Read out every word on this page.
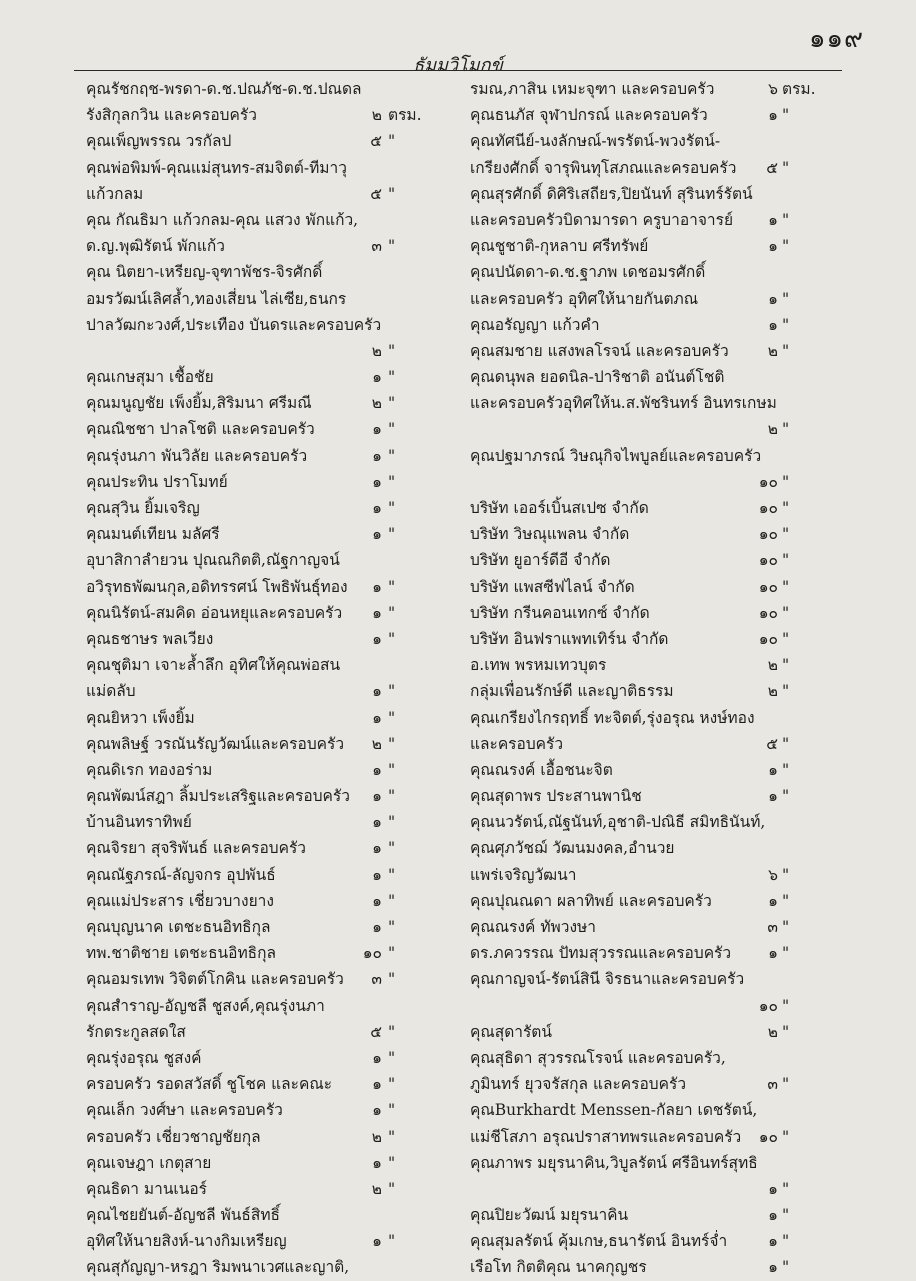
๑๑๙
ธัมมวิโมกข์
คุณรัชกฤช-พรดา-ด.ช.ปณภัช-ด.ช.ปณดล
รังสิกุลกวิน และครอบครัว	๒ ตรม.
คุณเพ็ญพรรณ วรกัลป	๕ "
คุณพ่อพิมพ์-คุณแม่สุนทร-สมจิตต์-ทีมาวุ
แก้วกลม	๕ "
คุณ กัณธิมา แก้วกลม-คุณ แสวง พักแก้ว,
ด.ญ.พุฒิรัตน์ พักแก้ว	๓ "
คุณ นิตยา-เหรียญ-จุฑาพัชร-จิรศักดิ์
อมรวัฒน์เลิศล้ำ,ทองเสี่ยน ไล่เซีย,ธนกร
ปาลวัฒกะวงศ์,ประเทือง บันดรและครอบครัว
๒ "
คุณเกษสุมา เชื้อชัย	๑ "
คุณมนูญชัย เพ็งยิ้ม,สิริมนา ศรีมณี	๒ "
คุณณิชชา ปาลโชติ และครอบครัว	๑ "
คุณรุ่งนภา พันวิลัย และครอบครัว	๑ "
คุณประทิน ปราโมทย์	๑ "
คุณสุวิน ยิ้มเจริญ	๑ "
คุณมนต์เทียน มลัศรี	๑ "
อุบาสิกาลำยวน ปุณณกิตติ,ณัฐกาญจน์
อวิรุทธพัฒนกุล,อดิทรรศน์ โพธิพันธุ์ทอง	๑ "
คุณนิรัตน์-สมคิด อ่อนหยุและครอบครัว	๑ "
คุณธชาษร พลเวียง	๑ "
คุณชุติมา เจาะล้ำลึก อุทิศให้คุณพ่อสน
แม่ดลับ	๑ "
คุณยิหวา เพ็งยิ้ม	๑ "
คุณพลิษฐ์ วรณันรัญวัฒน์และครอบครัว	๒ "
คุณดิเรก ทองอร่าม	๑ "
คุณพัฒน์สฎา ลิ้มประเสริฐและครอบครัว	๑ "
บ้านอินทราทิพย์	๑ "
คุณจิรยา สุจริพันธ์ และครอบครัว	๑ "
คุณณัฐภรณ์-ลัญจกร อุปพันธ์	๑ "
คุณแม่ประสาร เชี่ยวบางยาง	๑ "
คุณบุญนาค เตชะธนอิทธิกุล	๑ "
ทพ.ชาติชาย เตชะธนอิทธิกุล	๑๐ "
คุณอมรเทพ วิจิตต์โกคิน และครอบครัว	๓ "
คุณสำราญ-อัญชลี ชูสงค์,คุณรุ่งนภา
รักตระกูลสดใส	๕ "
คุณรุ่งอรุณ ชูสงค์	๑ "
ครอบครัว รอดสวัสดิ์ ชูโชค และคณะ	๑ "
คุณเล็ก วงศ์ษา และครอบครัว	๑ "
ครอบครัว เชี่ยวชาญชัยกุล	๒ "
คุณเจษฎา เกตุสาย	๑ "
คุณธิดา มานเนอร์	๒ "
คุณไชยยันต์-อัญชลี พันธ์สิทธิ์
อุทิศให้นายสิงห์-นางกิมเหรียญ	๑ "
คุณสุกัญญา-หรฎา ริมพนาเวศและญาติ,
รมณ,ภาสิน เหมะจุฑา และครอบครัว	๖ ตรม.
คุณธนภัส จุฬาปกรณ์ และครอบครัว	๑ "
คุณทัศนีย์-นงลักษณ์-พรรัตน์-พวงรัตน์-
เกรียงศักดิ์ จารุพินทุโสภณและครอบครัว	๕ "
คุณสุรศักดิ์ ดิศิริเสถียร,ปิยนันท์ สุรินทร์รัตน์
และครอบครัวบิดามารดา ครูบาอาจารย์	๑ "
คุณชูชาติ-กุหลาบ ศรีทรัพย์	๑ "
คุณปนัดดา-ด.ช.ฐาภพ เดชอมรศักดิ์
และครอบครัว อุทิศให้นายกันตภณ	๑ "
คุณอรัญญา แก้วคำ	๑ "
คุณสมชาย แสงพลโรจน์ และครอบครัว	๒ "
คุณดนุพล ยอดนิล-ปาริชาติ อนันต์โชติ
และครอบครัวอุทิศให้น.ส.พัชรินทร์ อินทรเกษม
๒ "
คุณปฐมาภรณ์ วิษณุกิจไพบูลย์และครอบครัว
๑๐ "
บริษัท เออร์เบิ้นสเปซ จำกัด	๑๐ "
บริษัท วิษณุแพลน จำกัด	๑๐ "
บริษัท ยูอาร์ดีอี จำกัด	๑๐ "
บริษัท แพสซีฟไลน์ จำกัด	๑๐ "
บริษัท กรีนคอนเทกซ์ จำกัด	๑๐ "
บริษัท อินฟราแพทเทิร์น จำกัด	๑๐ "
อ.เทพ พรหมเทวบุตร	๒ "
กลุ่มเพื่อนรักษ์ดี และญาติธรรม	๒ "
คุณเกรียงไกรฤทธิ์ ทะจิตต์,รุ่งอรุณ หงษ์ทอง
และครอบครัว	๕ "
คุณณรงค์ เอื้อชนะจิต	๑ "
คุณสุดาพร ประสานพานิช	๑ "
คุณนวรัตน์,ณัฐนันท์,อุชาติ-ปณิธี สมิทธินันท์,
คุณศุภวัชฌ์ วัฒนมงคล,อำนวย
แพร่เจริญวัฒนา	๖ "
คุณปุณณดา ผลาทิพย์ และครอบครัว	๑ "
คุณณรงค์ ทัพวงษา	๓ "
ดร.ภควรรณ ปัทมสุวรรณและครอบครัว	๑ "
คุณกาญจน์-รัตน์สินี จิรธนาและครอบครัว
๑๐ "
คุณสุดารัตน์	๒ "
คุณสุธิดา สุวรรณโรจน์ และครอบครัว,
ภูมินทร์ ยุวจรัสกุล และครอบครัว	๓ "
คุณBurkhardt Menssen-กัลยา เดชรัตน์,
แม่ชีโสภา อรุณปราสาทพรและครอบครัว	๑๐ "
คุณภาพร มยุรนาคิน,วิบูลรัตน์ ศรีอินทร์สุทธิ
๑ "
คุณปิยะวัฒน์ มยุรนาคิน	๑ "
คุณสุมลรัตน์ คุ้มเกษ,ธนารัตน์ อินทร์จ่ำ	๑ "
เรือโท กิตติคุณ นาคกุญชร	๑ "
